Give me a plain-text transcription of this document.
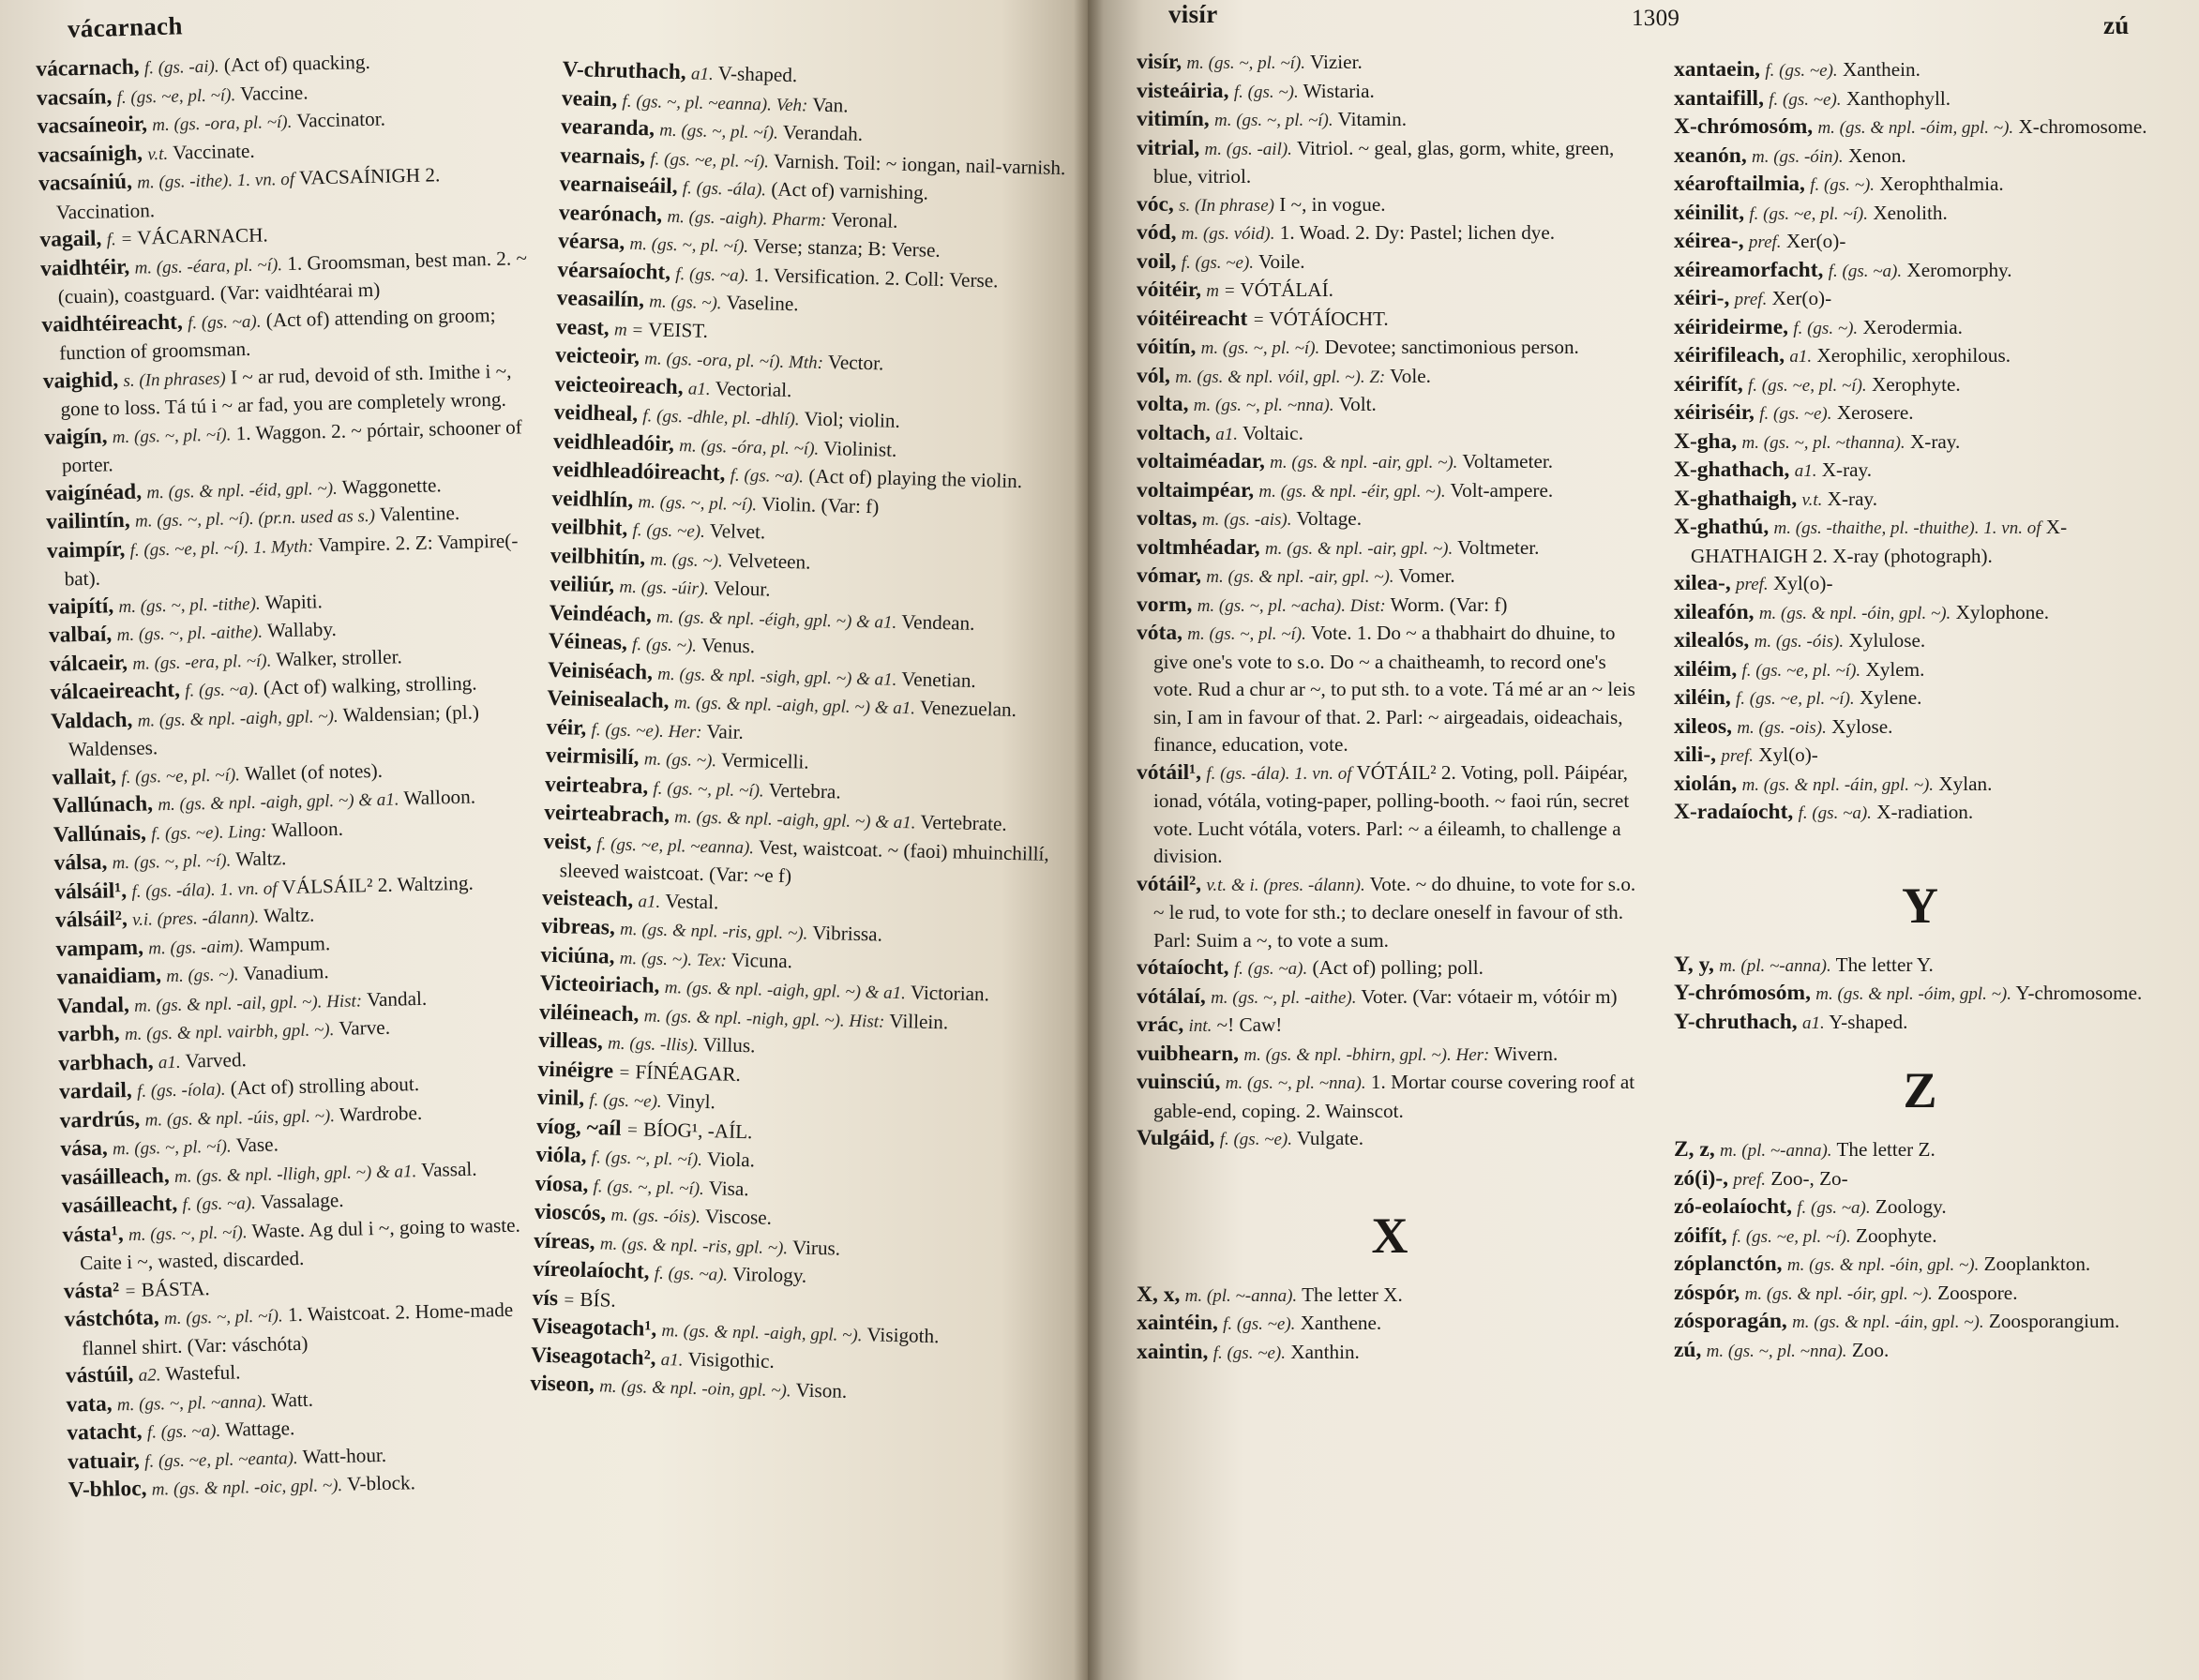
vácarnach
vácarnach, f. (gs. -ai). (Act of) quacking.
vacsaín, f. (gs. ~e, pl. ~í). Vaccine.
vacsaíneoir, m. (gs. -ora, pl. ~í). Vaccinator.
vacsaínigh, v.t. Vaccinate.
vacsaíniú, m. (gs. -ithe). 1. vn. of VACSAÍNIGH 2. Vaccination.
vagail, f. = VÁCARNACH.
vaidhtéir, m. (gs. -éara, pl. ~í). 1. Groomsman, best man. 2. ~ (cuain), coastguard. (Var: vaidhtéarai m)
vaidhtéireacht, f. (gs. ~a). (Act of) attending on groom; function of groomsman.
vaighid, s. (In phrases) I ~ ar rud, devoid of sth. Imithe i ~, gone to loss. Tá tú i ~ ar fad, you are completely wrong.
vaigín, m. (gs. ~, pl. ~í). 1. Waggon. 2. ~ pórtair, schooner of porter.
vaigínéad, m. (gs. & npl. -éid, gpl. ~). Waggonette.
vailintín, m. (gs. ~, pl. ~í). (pr.n. used as s.) Valentine.
vaimpír, f. (gs. ~e, pl. ~í). 1. Myth: Vampire. 2. Z: Vampire(-bat).
vaipítí, m. (gs. ~, pl. -tithe). Wapiti.
valbaí, m. (gs. ~, pl. -aithe). Wallaby.
válcaeir, m. (gs. -era, pl. ~í). Walker, stroller.
válcaeireacht, f. (gs. ~a). (Act of) walking, strolling.
Valdach, m. (gs. & npl. -aigh, gpl. ~). Waldensian; (pl.) Waldenses.
vallait, f. (gs. ~e, pl. ~í). Wallet (of notes).
Vallúnach, m. (gs. & npl. -aigh, gpl. ~) & a1. Walloon.
Vallúnais, f. (gs. ~e). Ling: Walloon.
válsa, m. (gs. ~, pl. ~í). Waltz.
válsáil¹, f. (gs. -ála). 1. vn. of VÁLSÁIL² 2. Waltzing.
válsáil², v.i. (pres. -álann). Waltz.
vampam, m. (gs. -aim). Wampum.
vanaidiam, m. (gs. ~). Vanadium.
Vandal, m. (gs. & npl. -ail, gpl. ~). Hist: Vandal.
varbh, m. (gs. & npl. vairbh, gpl. ~). Varve.
varbhach, a1. Varved.
vardail, f. (gs. -íola). (Act of) strolling about.
vardrús, m. (gs. & npl. -úis, gpl. ~). Wardrobe.
vása, m. (gs. ~, pl. ~í). Vase.
vasáilleach, m. (gs. & npl. -lligh, gpl. ~) & a1. Vassal.
vasáilleacht, f. (gs. ~a). Vassalage.
vásta¹, m. (gs. ~, pl. ~í). Waste. Ag dul i ~, going to waste. Caite i ~, wasted, discarded.
vásta² = BÁSTA.
vástchóta, m. (gs. ~, pl. ~í). 1. Waistcoat. 2. Home-made flannel shirt. (Var: váschóta)
vástúil, a2. Wasteful.
vata, m. (gs. ~, pl. ~anna). Watt.
vatacht, f. (gs. ~a). Wattage.
vatuair, f. (gs. ~e, pl. ~eanta). Watt-hour.
V-bhloc, m. (gs. & npl. -oic, gpl. ~). V-block.
V-chruthach, a1. V-shaped.
veain, f. (gs. ~, pl. ~eanna). Veh: Van.
vearanda, m. (gs. ~, pl. ~í). Verandah.
vearnais, f. (gs. ~e, pl. ~í). Varnish. Toil: ~ iongan, nail-varnish.
vearnaiseáil, f. (gs. -ála). (Act of) varnishing.
vearónach, m. (gs. -aigh). Pharm: Veronal.
véarsa, m. (gs. ~, pl. ~í). Verse; stanza; B: Verse.
véarsaíocht, f. (gs. ~a). 1. Versification. 2. Coll: Verse.
veasailín, m. (gs. ~). Vaseline.
veast, m = VEIST.
veicteoir, m. (gs. -ora, pl. ~í). Mth: Vector.
veicteoireach, a1. Vectorial.
veidheal, f. (gs. -dhle, pl. -dhlí). Viol; violin.
veidhleadóir, m. (gs. -óra, pl. ~í). Violinist.
veidhleadóireacht, f. (gs. ~a). (Act of) playing the violin.
veidhlín, m. (gs. ~, pl. ~í). Violin. (Var: f)
veilbhit, f. (gs. ~e). Velvet.
veilbhitín, m. (gs. ~). Velveteen.
veiliúr, m. (gs. -úir). Velour.
Veindéach, m. (gs. & npl. -éigh, gpl. ~) & a1. Vendean.
Véineas, f. (gs. ~). Venus.
Veiniséach, m. (gs. & npl. -sigh, gpl. ~) & a1. Venetian.
Veinisealach, m. (gs. & npl. -aigh, gpl. ~) & a1. Venezuelan.
véir, f. (gs. ~e). Her: Vair.
veirmisilí, m. (gs. ~). Vermicelli.
veirteabra, f. (gs. ~, pl. ~í). Vertebra.
veirteabrach, m. (gs. & npl. -aigh, gpl. ~) & a1. Vertebrate.
veist, f. (gs. ~e, pl. ~eanna). Vest, waistcoat. ~ (faoi) mhuinchillí, sleeved waistcoat. (Var: ~e f)
veisteach, a1. Vestal.
vibreas, m. (gs. & npl. -ris, gpl. ~). Vibrissa.
viciúna, m. (gs. ~). Tex: Vicuna.
Victeoiriach, m. (gs. & npl. -aigh, gpl. ~) & a1. Victorian.
viléineach, m. (gs. & npl. -nigh, gpl. ~). Hist: Villein.
villeas, m. (gs. -llis). Villus.
vinéigre = FÍNÉAGAR.
vinil, f. (gs. ~e). Vinyl.
víog, ~aíl = BÍOG¹, -AÍL.
vióla, f. (gs. ~, pl. ~í). Viola.
víosa, f. (gs. ~, pl. ~í). Visa.
vioscós, m. (gs. -óis). Viscose.
víreas, m. (gs. & npl. -ris, gpl. ~). Virus.
víreolaíocht, f. (gs. ~a). Virology.
vís = BÍS.
Viseagotach¹, m. (gs. & npl. -aigh, gpl. ~). Visigoth.
Viseagotach², a1. Visigothic.
viseon, m. (gs. & npl. -oin, gpl. ~). Vison.
visír	1309	zú
visír, m. (gs. ~, pl. ~í). Vizier.
visteáiria, f. (gs. ~). Wistaria.
vitimín, m. (gs. ~, pl. ~í). Vitamin.
vitrial, m. (gs. -ail). Vitriol. ~ geal, glas, gorm, white, green, blue, vitriol.
vóc, s. (In phrase) I ~, in vogue.
vód, m. (gs. vóid). 1. Woad. 2. Dy: Pastel; lichen dye.
voil, f. (gs. ~e). Voile.
vóitéir, m = VÓTÁLAÍ.
vóitéireacht = VÓTÁÍOCHT.
vóitín, m. (gs. ~, pl. ~í). Devotee; sanctimonious person.
vól, m. (gs. & npl. vóil, gpl. ~). Z: Vole.
volta, m. (gs. ~, pl. ~nna). Volt.
voltach, a1. Voltaic.
voltaiméadar, m. (gs. & npl. -air, gpl. ~). Voltameter.
voltaimpéar, m. (gs. & npl. -éir, gpl. ~). Volt-ampere.
voltas, m. (gs. -ais). Voltage.
voltmhéadar, m. (gs. & npl. -air, gpl. ~). Voltmeter.
vómar, m. (gs. & npl. -air, gpl. ~). Vomer.
vorm, m. (gs. ~, pl. ~acha). Dist: Worm. (Var: f)
vóta, m. (gs. ~, pl. ~í). Vote. 1. Do ~ a thabhairt do dhuine, to give one's vote to s.o. Do ~ a chaitheamh, to record one's vote. Rud a chur ar ~, to put sth. to a vote. Tá mé ar an ~ leis sin, I am in favour of that. 2. Parl: ~ airgeadais, oideachais, finance, education, vote.
vótáil¹, f. (gs. -ála). 1. vn. of VÓTÁIL² 2. Voting, poll. Páipéar, ionad, vótála, voting-paper, polling-booth. ~ faoi rún, secret vote. Lucht vótála, voters. Parl: ~ a éileamh, to challenge a division.
vótáil², v.t. & i. (pres. -álann). Vote. ~ do dhuine, to vote for s.o. ~ le rud, to vote for sth.; to declare oneself in favour of sth. Parl: Suim a ~, to vote a sum.
vótaíocht, f. (gs. ~a). (Act of) polling; poll.
vótálaí, m. (gs. ~, pl. -aithe). Voter. (Var: vótaeir m, vótóir m)
vrác, int. ~! Caw!
vuibhearn, m. (gs. & npl. -bhirn, gpl. ~). Her: Wivern.
vuinsciú, m. (gs. ~, pl. ~nna). 1. Mortar course covering roof at gable-end, coping. 2. Wainscot.
Vulgáid, f. (gs. ~e). Vulgate.
X
X, x, m. (pl. ~-anna). The letter X.
xaintéin, f. (gs. ~e). Xanthene.
xaintin, f. (gs. ~e). Xanthin.
xantaein, f. (gs. ~e). Xanthein.
xantaifill, f. (gs. ~e). Xanthophyll.
X-chrómosóm, m. (gs. & npl. -óim, gpl. ~). X-chromosome.
xeanón, m. (gs. -óin). Xenon.
xéaroftailmia, f. (gs. ~). Xerophthalmia.
xéinilit, f. (gs. ~e, pl. ~í). Xenolith.
xéirea-, pref. Xer(o)-
xéireamorfacht, f. (gs. ~a). Xeromorphy.
xéiri-, pref. Xer(o)-
xéirideirme, f. (gs. ~). Xerodermia.
xéirifileach, a1. Xerophilic, xerophilous.
xéirifít, f. (gs. ~e, pl. ~í). Xerophyte.
xéiriséir, f. (gs. ~e). Xerosere.
X-gha, m. (gs. ~, pl. ~thanna). X-ray.
X-ghathach, a1. X-ray.
X-ghathaigh, v.t. X-ray.
X-ghathú, m. (gs. -thaithe, pl. -thuithe). 1. vn. of X-GHATHAIGH 2. X-ray (photograph).
xilea-, pref. Xyl(o)-
xileafón, m. (gs. & npl. -óin, gpl. ~). Xylophone.
xilealós, m. (gs. -óis). Xylulose.
xiléim, f. (gs. ~e, pl. ~í). Xylem.
xiléin, f. (gs. ~e, pl. ~í). Xylene.
xileos, m. (gs. -ois). Xylose.
xili-, pref. Xyl(o)-
xiolán, m. (gs. & npl. -áin, gpl. ~). Xylan.
X-radaíocht, f. (gs. ~a). X-radiation.
Y
Y, y, m. (pl. ~-anna). The letter Y.
Y-chrómosóm, m. (gs. & npl. -óim, gpl. ~). Y-chromosome.
Y-chruthach, a1. Y-shaped.
Z
Z, z, m. (pl. ~-anna). The letter Z.
zó(i)-, pref. Zoo-, Zo-
zó-eolaíocht, f. (gs. ~a). Zoology.
zóifít, f. (gs. ~e, pl. ~í). Zoophyte.
zóplanctón, m. (gs. & npl. -óin, gpl. ~). Zooplankton.
zóspór, m. (gs. & npl. -óir, gpl. ~). Zoospore.
zósporagán, m. (gs. & npl. -áin, gpl. ~). Zoosporangium.
zú, m. (gs. ~, pl. ~nna). Zoo.
